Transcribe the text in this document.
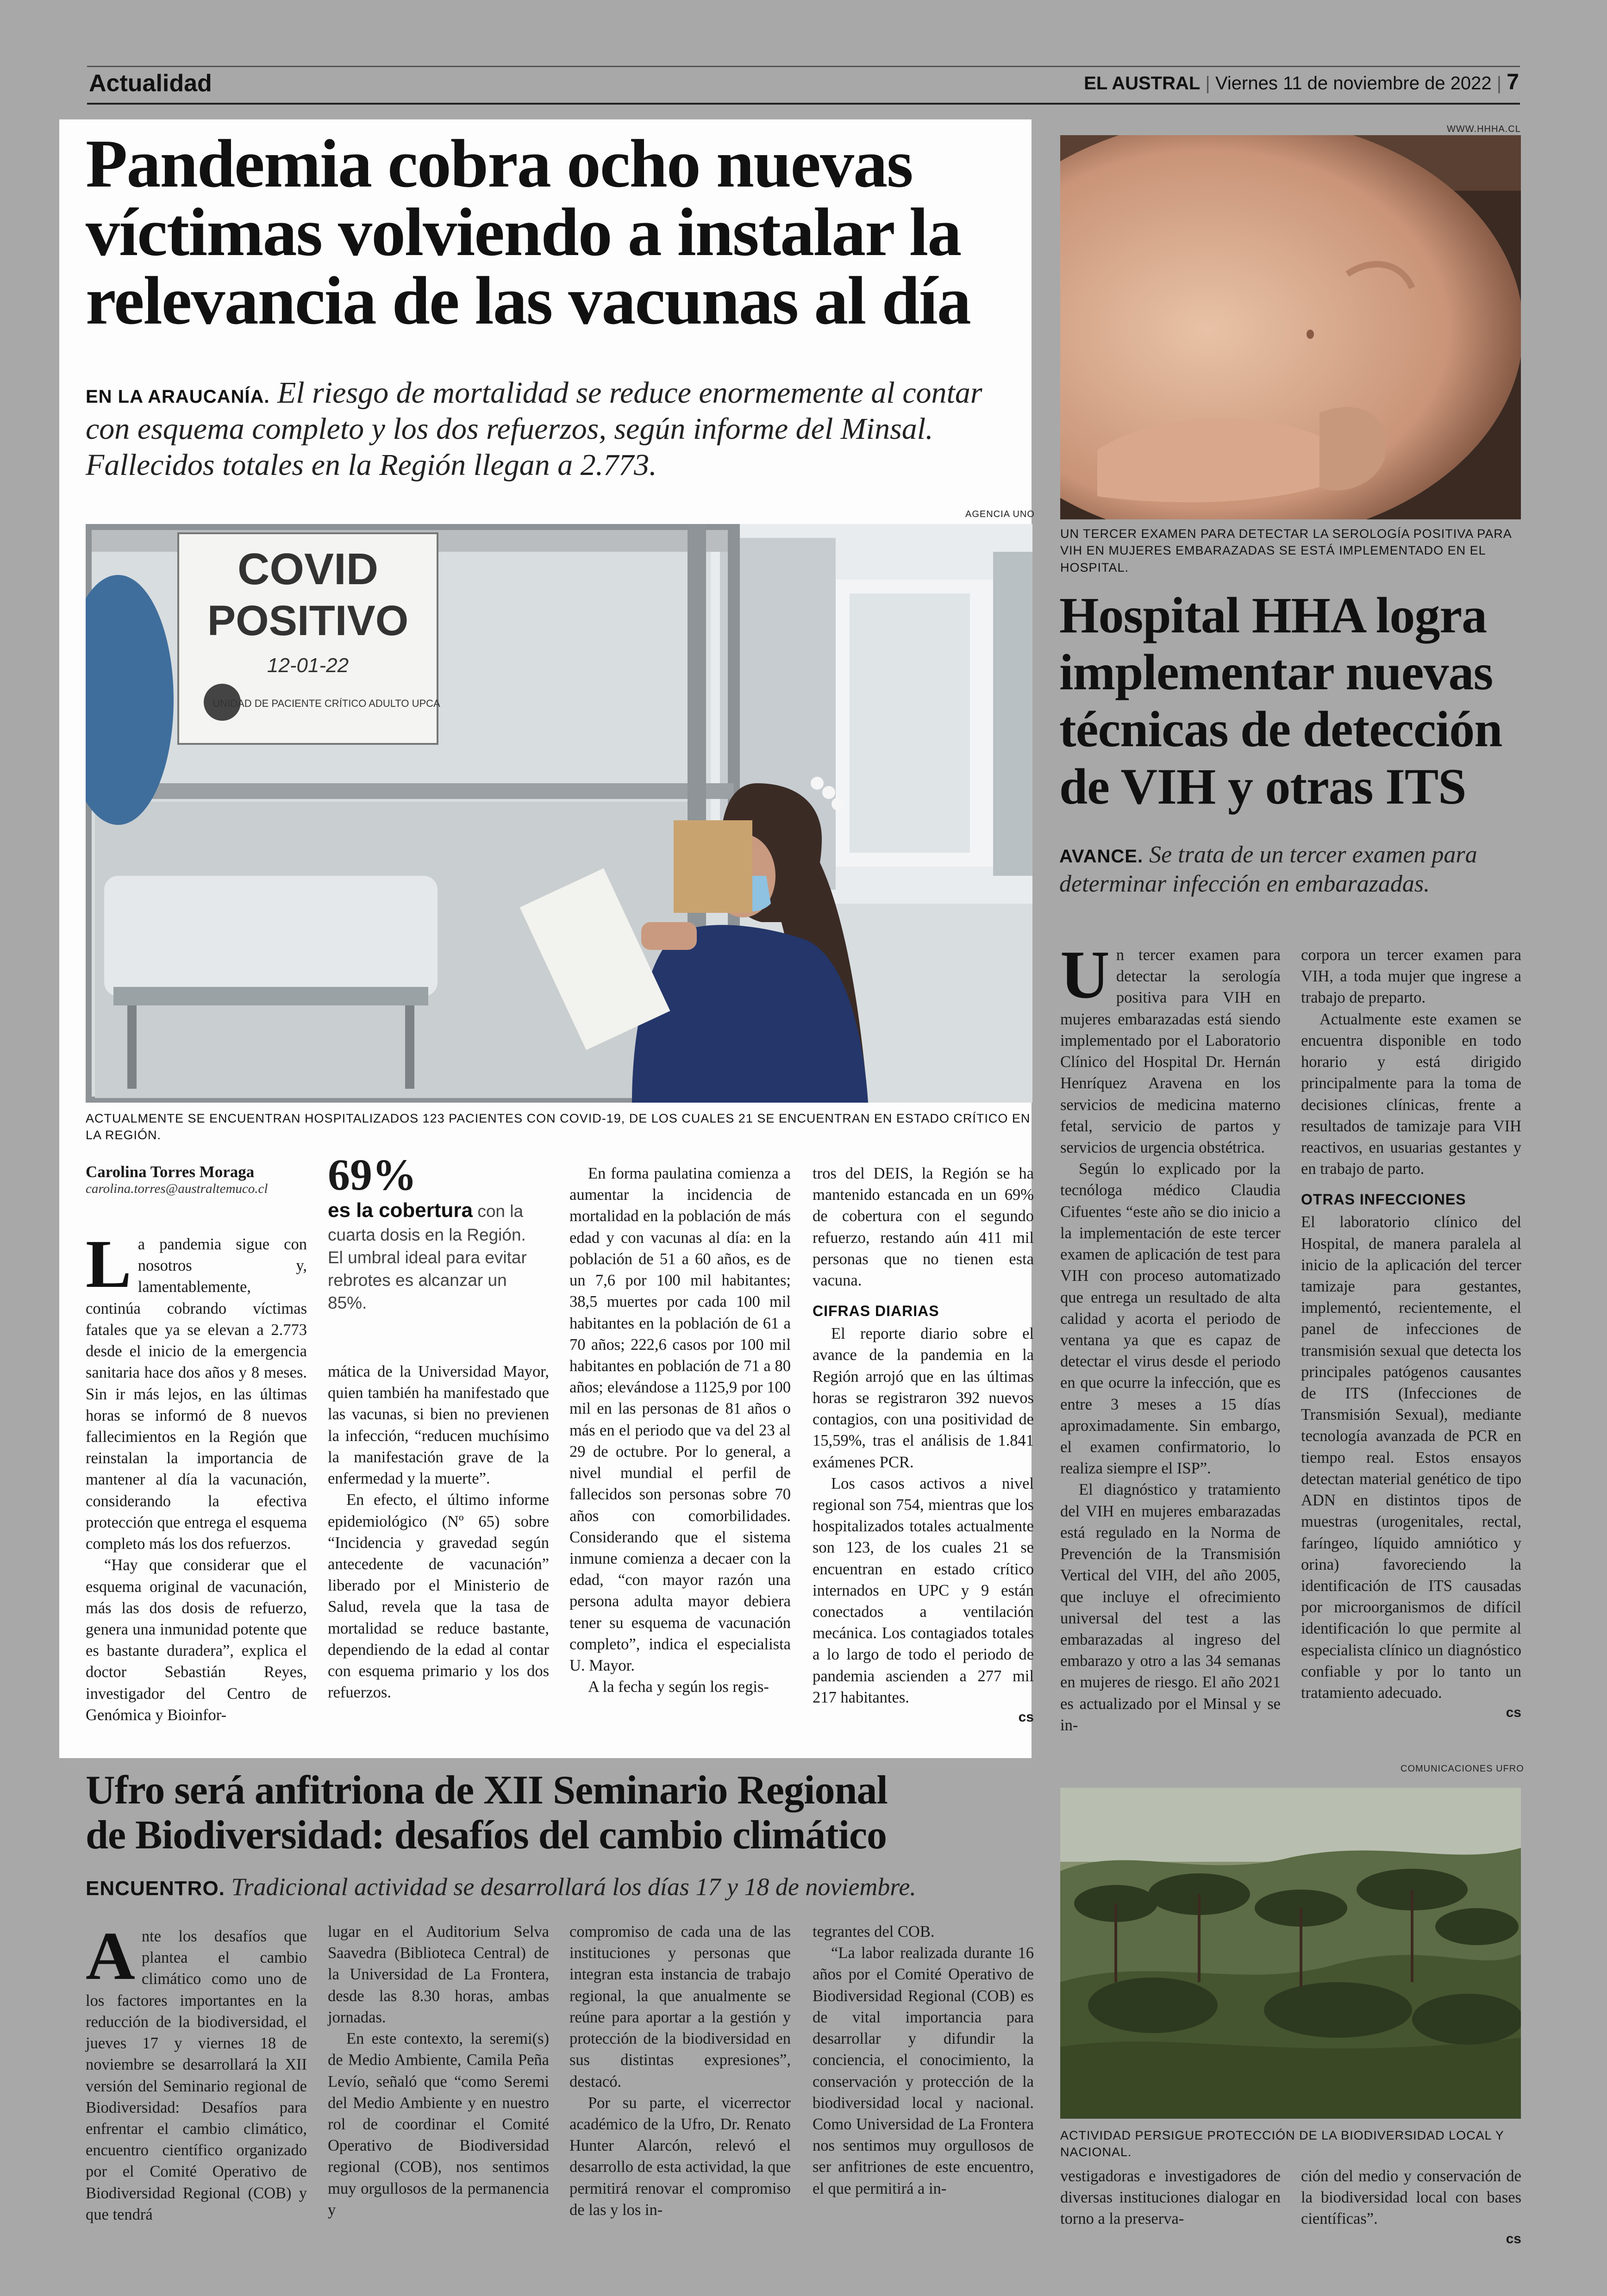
Actualidad	EL AUSTRAL | Viernes 11 de noviembre de 2022 | 7
Pandemia cobra ocho nuevas
víctimas volviendo a instalar la
relevancia de las vacunas al día
EN LA ARAUCANÍA. El riesgo de mortalidad se reduce enormemente al contar con esquema completo y los dos refuerzos, según informe del Minsal. Fallecidos totales en la Región llegan a 2.773.
AGENCIA UNO
COVID
POSITIVO
12-01-22
UNIDAD DE PACIENTE CRÍTICO ADULTO UPCA
ACTUALMENTE SE ENCUENTRAN HOSPITALIZADOS 123 PACIENTES CON COVID-19, DE LOS CUALES 21 SE ENCUENTRAN EN ESTADO CRÍTICO EN LA REGIÓN.
Carolina Torres Moraga
carolina.torres@australtemuco.cl

La pandemia sigue con nosotros y, lamentablemente, continúa cobrando víctimas fatales que ya se elevan a 2.773 desde el inicio de la emergencia sanitaria hace dos años y 8 meses. Sin ir más lejos, en las últimas horas se informó de 8 nuevos fallecimientos en la Región que reinstalan la importancia de mantener al día la vacunación, considerando la efectiva protección que entrega el esquema completo más los dos refuerzos.

“Hay que considerar que el esquema original de vacunación, más las dos dosis de refuerzo, genera una inmunidad potente que es bastante duradera”, explica el doctor Sebastián Reyes, investigador del Centro de Genómica y Bioinfor-

69%
es la cobertura con la cuarta dosis en la Región. El umbral ideal para evitar rebrotes es alcanzar un 85%.

mática de la Universidad Mayor, quien también ha manifestado que las vacunas, si bien no previenen la infección, “reducen muchísimo la manifestación grave de la enfermedad y la muerte”.

En efecto, el último informe epidemiológico (Nº 65) sobre “Incidencia y gravedad según antecedente de vacunación” liberado por el Ministerio de Salud, revela que la tasa de mortalidad se reduce bastante, dependiendo de la edad al contar con esquema primario y los dos refuerzos.

En forma paulatina comienza a aumentar la incidencia de mortalidad en la población de más edad y con vacunas al día: en la población de 51 a 60 años, es de un 7,6 por 100 mil habitantes; 38,5 muertes por cada 100 mil habitantes en la población de 61 a 70 años; 222,6 casos por 100 mil habitantes en población de 71 a 80 años; elevándose a 1125,9 por 100 mil en las personas de 81 años o más en el periodo que va del 23 al 29 de octubre. Por lo general, a nivel mundial el perfil de fallecidos son personas sobre 70 años con comorbilidades. Considerando que el sistema inmune comienza a decaer con la edad, “con mayor razón una persona adulta mayor debiera tener su esquema de vacunación completo”, indica el especialista U. Mayor.

A la fecha y según los regis-

tros del DEIS, la Región se ha mantenido estancada en un 69% de cobertura con el segundo refuerzo, restando aún 411 mil personas que no tienen esta vacuna.

CIFRAS DIARIAS

El reporte diario sobre el avance de la pandemia en la Región arrojó que en las últimas horas se registraron 392 nuevos contagios, con una positividad de 15,59%, tras el análisis de 1.841 exámenes PCR.

Los casos activos a nivel regional son 754, mientras que los hospitalizados totales actualmente son 123, de los cuales 21 se encuentran en estado crítico internados en UPC y 9 están conectados a ventilación mecánica. Los contagiados totales a lo largo de todo el periodo de pandemia ascienden a 277 mil 217 habitantes.

cs
WWW.HHHA.CL
UN TERCER EXAMEN PARA DETECTAR LA SEROLOGÍA POSITIVA PARA VIH EN MUJERES EMBARAZADAS SE ESTÁ IMPLEMENTADO EN EL HOSPITAL.
Hospital HHA logra
implementar nuevas
técnicas de detección
de VIH y otras ITS
AVANCE. Se trata de un tercer examen para determinar infección en embarazadas.

Un tercer examen para detectar la serología positiva para VIH en mujeres embarazadas está siendo implementado por el Laboratorio Clínico del Hospital Dr. Hernán Henríquez Aravena en los servicios de medicina materno fetal, servicio de partos y servicios de urgencia obstétrica.

Según lo explicado por la tecnóloga médico Claudia Cifuentes “este año se dio inicio a la implementación de este tercer examen de aplicación de test para VIH con proceso automatizado que entrega un resultado de alta calidad y acorta el periodo de ventana ya que es capaz de detectar el virus desde el periodo en que ocurre la infección, que es entre 3 meses a 15 días aproximadamente. Sin embargo, el examen confirmatorio, lo realiza siempre el ISP”.

El diagnóstico y tratamiento del VIH en mujeres embarazadas está regulado en la Norma de Prevención de la Transmisión Vertical del VIH, del año 2005, que incluye el ofrecimiento universal del test a las embarazadas al ingreso del embarazo y otro a las 34 semanas en mujeres de riesgo. El año 2021 es actualizado por el Minsal y se in-

corpora un tercer examen para VIH, a toda mujer que ingrese a trabajo de preparto.

Actualmente este examen se encuentra disponible en todo horario y está dirigido principalmente para la toma de decisiones clínicas, frente a resultados de tamizaje para VIH reactivos, en usuarias gestantes y en trabajo de parto.

OTRAS INFECCIONES

El laboratorio clínico del Hospital, de manera paralela al inicio de la aplicación del tercer tamizaje para gestantes, implementó, recientemente, el panel de infecciones de transmisión sexual que detecta los principales patógenos causantes de ITS (Infecciones de Transmisión Sexual), mediante tecnología avanzada de PCR en tiempo real. Estos ensayos detectan material genético de tipo ADN en distintos tipos de muestras (urogenitales, rectal, faríngeo, líquido amniótico y orina) favoreciendo la identificación de ITS causadas por microorganismos de difícil identificación lo que permite al especialista clínico un diagnóstico confiable y por lo tanto un tratamiento adecuado.

cs
Ufro será anfitriona de XII Seminario Regional
de Biodiversidad: desafíos del cambio climático
ENCUENTRO. Tradicional actividad se desarrollará los días 17 y 18 de noviembre.
COMUNICACIONES UFRO
ACTIVIDAD PERSIGUE PROTECCIÓN DE LA BIODIVERSIDAD LOCAL Y NACIONAL.

Ante los desafíos que plantea el cambio climático como uno de los factores importantes en la reducción de la biodiversidad, el jueves 17 y viernes 18 de noviembre se desarrollará la XII versión del Seminario regional de Biodiversidad: Desafíos para enfrentar el cambio climático, encuentro científico organizado por el Comité Operativo de Biodiversidad Regional (COB) y que tendrá

lugar en el Auditorium Selva Saavedra (Biblioteca Central) de la Universidad de La Frontera, desde las 8.30 horas, ambas jornadas.

En este contexto, la seremi(s) de Medio Ambiente, Camila Peña Levío, señaló que “como Seremi del Medio Ambiente y en nuestro rol de coordinar el Comité Operativo de Biodiversidad regional (COB), nos sentimos muy orgullosos de la permanencia y

compromiso de cada una de las instituciones y personas que integran esta instancia de trabajo regional, la que anualmente se reúne para aportar a la gestión y protección de la biodiversidad en sus distintas expresiones”, destacó.

Por su parte, el vicerrector académico de la Ufro, Dr. Renato Hunter Alarcón, relevó el desarrollo de esta actividad, la que permitirá renovar el compromiso de las y los in-

tegrantes del COB.

“La labor realizada durante 16 años por el Comité Operativo de Biodiversidad Regional (COB) es de vital importancia para desarrollar y difundir la conciencia, el conocimiento, la conservación y protección de la biodiversidad local y nacional. Como Universidad de La Frontera nos sentimos muy orgullosos de ser anfitriones de este encuentro, el que permitirá a in-

vestigadoras e investigadores de diversas instituciones dialogar en torno a la preserva-

ción del medio y conservación de la biodiversidad local con bases científicas”.

cs
